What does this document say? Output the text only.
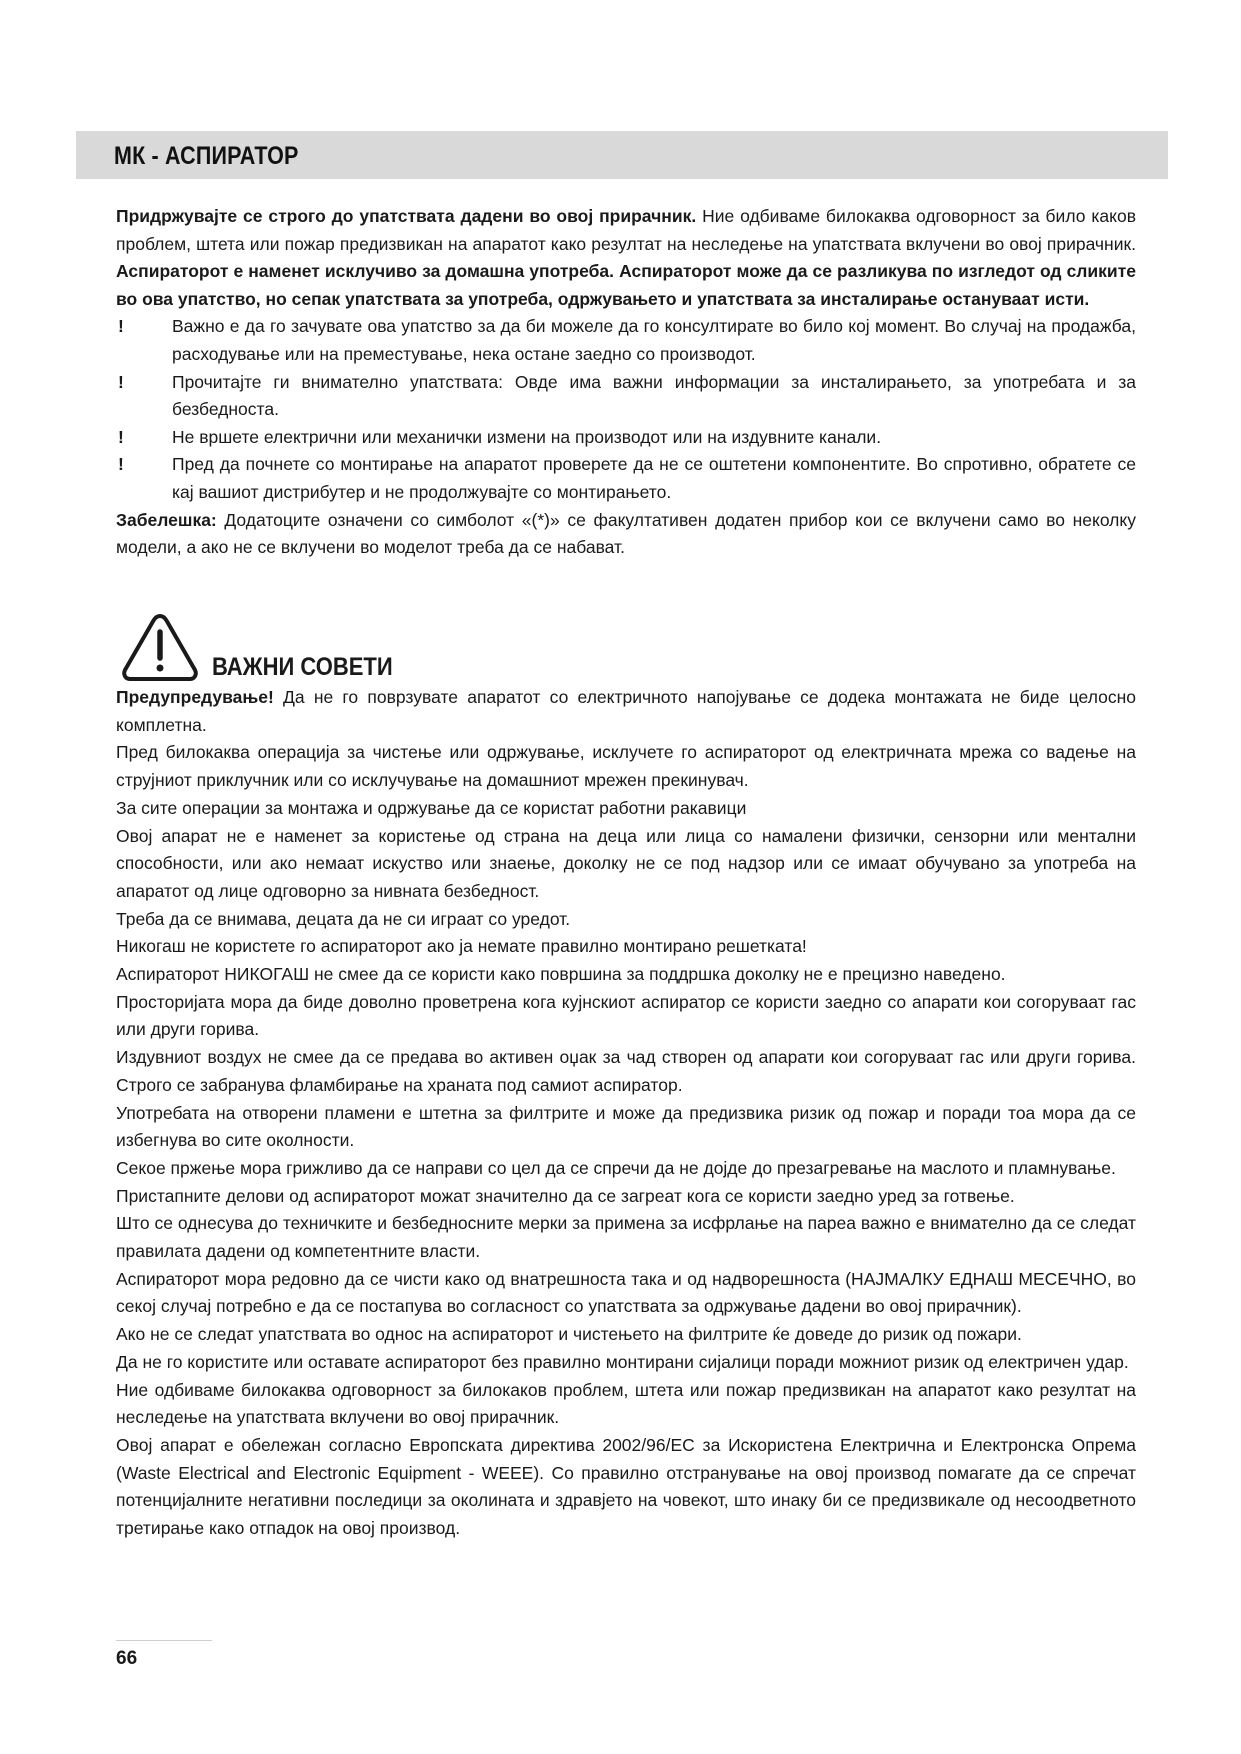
МК - АСПИРАТОР

Придржувајте се строго до упатствата дадени во овој прирачник. Ние одбиваме билокаква одговорност за било каков проблем, штета или пожар предизвикан на апаратот како резултат на неследење на упатствата вклучени во овој прирачник. Аспираторот е наменет исклучиво за домашна употреба. Аспираторот може да се разликува по изгледот од сликите во ова упатство, но сепак упатствата за употреба, одржувањето и упатствата за инсталирање остануваат исти.

!	Важно е да го зачувате ова упатство за да би можеле да го консултирате во било кој момент. Во случај на продажба, расходување или на преместување, нека остане заедно со производот.
!	Прочитајте ги внимателно упатствата: Овде има важни информации за инсталирањето, за употребата и за безбедноста.
!	Не вршете електрични или механички измени на производот или на издувните канали.
!	Пред да почнете со монтирање на апаратот проверете да не се оштетени компонентите. Во спротивно, обратете се кај вашиот дистрибутер и не продолжувајте со монтирањето.

Забелешка: Додатоците означени со симболот «(*)» се факултативен додатен прибор кои се вклучени само во неколку модели, а ако не се вклучени во моделот треба да се набават.

ВАЖНИ СОВЕТИ

Предупредување! Да не го поврзувате апаратот со електричното напојување се додека монтажата не биде целосно комплетна.

Пред билокаква операција за чистење или одржување, исклучете го аспираторот од електричната мрежа со вадење на струјниот приклучник или со исклучување на домашниот мрежен прекинувач.

За сите операции за монтажа и одржување да се користат работни ракавици

Овој апарат не е наменет за користење од страна на деца или лица со намалени физички, сензорни или ментални способности, или ако немаат искуство или знаење, доколку не се под надзор или се имаат обучувано за употреба на апаратот од лице одговорно за нивната безбедност.

Треба да се внимава, децата да не си играат со уредот.

Никогаш не користете го аспираторот ако ја немате правилно монтирано решетката!

Аспираторот НИКОГАШ не смее да се користи како површина за поддршка доколку не е прецизно наведено.

Просторијата мора да биде доволно проветрена кога кујнскиот аспиратор се користи заедно со апарати кои согоруваат гас или други горива.

Издувниот воздух не смее да се предава во активен оџак за чад створен од апарати кои согоруваат гас или други горива. Строго се забранува фламбирање на храната под самиот аспиратор.

Употребата на отворени пламени е штетна за филтрите и може да предизвика ризик од пожар и поради тоа мора да се избегнува во сите околности.

Секое пржење мора грижливо да се направи со цел да се спречи да не дојде до презагревање на маслото и пламнување.

Пристапните делови од аспираторот можат значително да се загреат кога се користи заедно уред за готвење.

Што се однесува до техничките и безбедносните мерки за примена за исфрлање на пареа важно е внимателно да се следат правилата дадени од компетентните власти.

Аспираторот мора редовно да се чисти како од внатрешноста така и од надворешноста (НАЈМАЛКУ ЕДНАШ МЕСЕЧНО, во секој случај потребно е да се постапува во согласност со упатствата за одржување дадени во овој прирачник).

Ако не се следат упатствата во однос на аспираторот и чистењето на филтрите ќе доведе до ризик од пожари.

Да не го користите или оставате аспираторот без правилно монтирани сијалици поради можниот ризик од електричен удар.

Ние одбиваме билокаква одговорност за билокаков проблем, штета или пожар предизвикан на апаратот како резултат на неследење на упатствата вклучени во овој прирачник.

Овој апарат е обележан согласно Европската директива 2002/96/ЕС за Искористена Електрична и Електронска Опрема (Waste Electrical and Electronic Equipment - WEEE). Со правилно отстранување на овој производ помагате да се спречат потенцијалните негативни последици за околината и здравјето на човекот, што инаку би се предизвикале од несоодветното третирање како отпадок на овој производ.

66
